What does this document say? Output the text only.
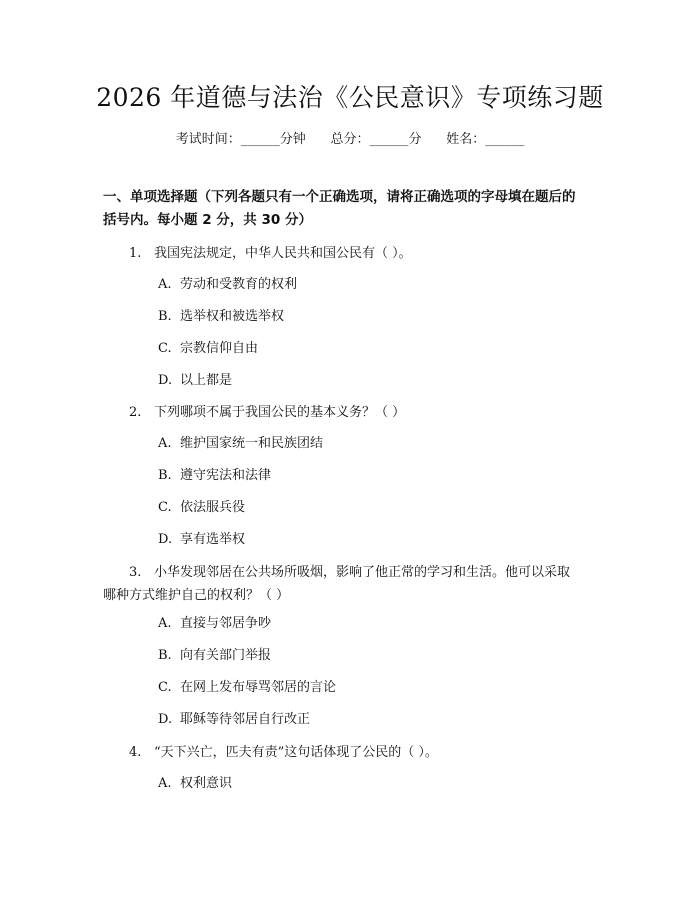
2026 年道德与法治《公民意识》专项练习题
考试时间：______分钟      总分：______分      姓名：______
一、单项选择题（下列各题只有一个正确选项，请将正确选项的字母填在题后的
括号内。每小题 2 分，共 30 分）
1. 我国宪法规定，中华人民共和国公民有（ ）。
A. 劳动和受教育的权利
B. 选举权和被选举权
C. 宗教信仰自由
D. 以上都是
2. 下列哪项不属于我国公民的基本义务？（ ）
A. 维护国家统一和民族团结
B. 遵守宪法和法律
C. 依法服兵役
D. 享有选举权
3. 小华发现邻居在公共场所吸烟，影响了他正常的学习和生活。他可以采取
哪种方式维护自己的权利？（ ）
A. 直接与邻居争吵
B. 向有关部门举报
C. 在网上发布辱骂邻居的言论
D. 耶稣等待邻居自行改正
4. “天下兴亡，匹夫有责”这句话体现了公民的（ ）。
A. 权利意识
